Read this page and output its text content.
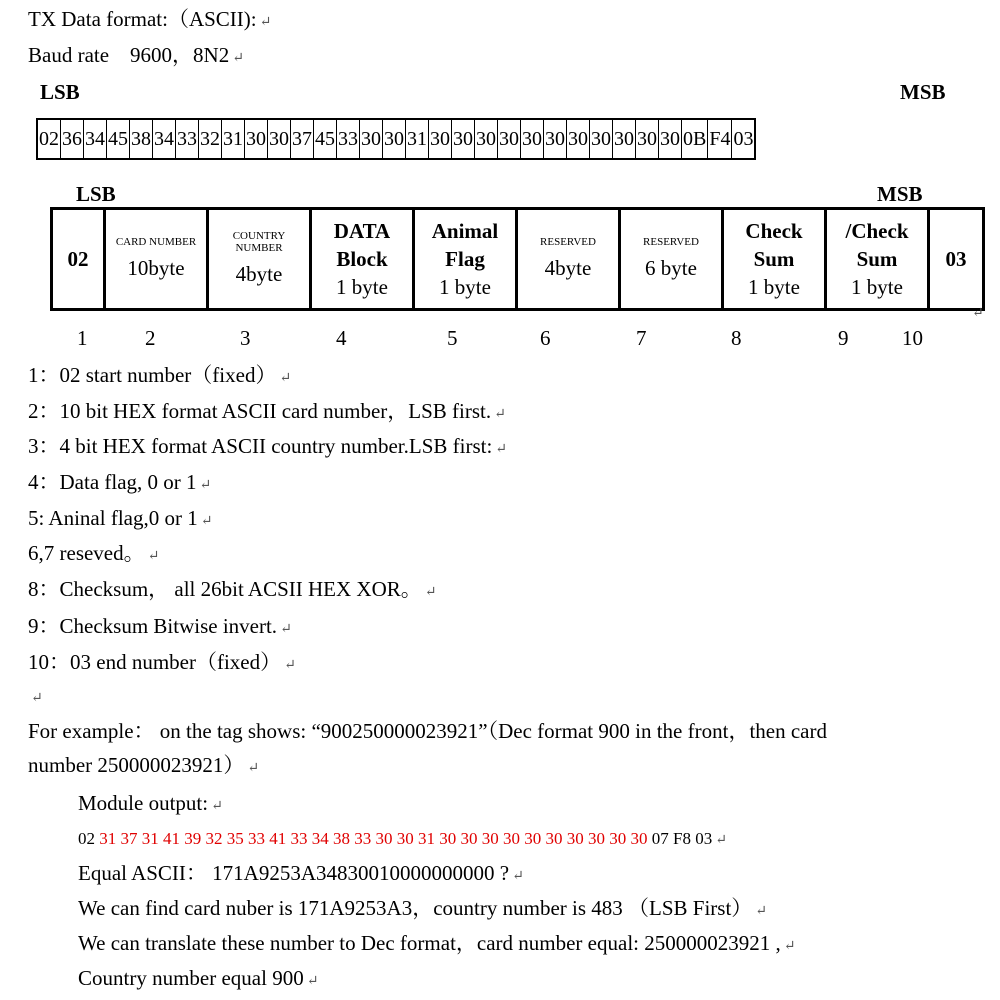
TX Data format:（ASCII): ↵
Baud rate 9600，8N2 ↵
LSB	MSB
02	36	34	45	38	34	33	32	31	30	30	37	45	33	30	30	31	30	30	30	30	30	30	30	30	30	30	30	0B	F4	03
LSB	MSB
02

CARD NUMBER
10byte

COUNTRY NUMBER
4byte

DATA Block
1 byte

Animal Flag
1 byte

RESERVED
4byte

RESERVED
6 byte

Check Sum
1 byte

/Check Sum
1 byte

03
↵
1	2	3	4	5	6	7	8	9	10
1：02 start number（fixed） ↵
2：10 bit HEX format ASCII card number，LSB first. ↵
3：4 bit HEX format ASCII country number.LSB first: ↵
4：Data flag, 0 or 1 ↵
5: Aninal flag,0 or 1 ↵
6,7 reseved。 ↵
8：Checksum， all 26bit ACSII HEX XOR。 ↵
9：Checksum Bitwise invert. ↵
10：03 end number（fixed） ↵
↵
For example： on the tag shows: “900250000023921”（Dec format 900 in the front，then card
number 250000023921） ↵
Module output: ↵
02 31 37 31 41 39 32 35 33 41 33 34 38 33 30 30 31 30 30 30 30 30 30 30 30 30 30 07 F8 03 ↵
Equal ASCII： 171A9253A34830010000000000 ? ↵
We can find card nuber is 171A9253A3，country number is 483 （LSB First） ↵
We can translate these number to Dec format，card number equal: 250000023921 , ↵
Country number equal 900 ↵
